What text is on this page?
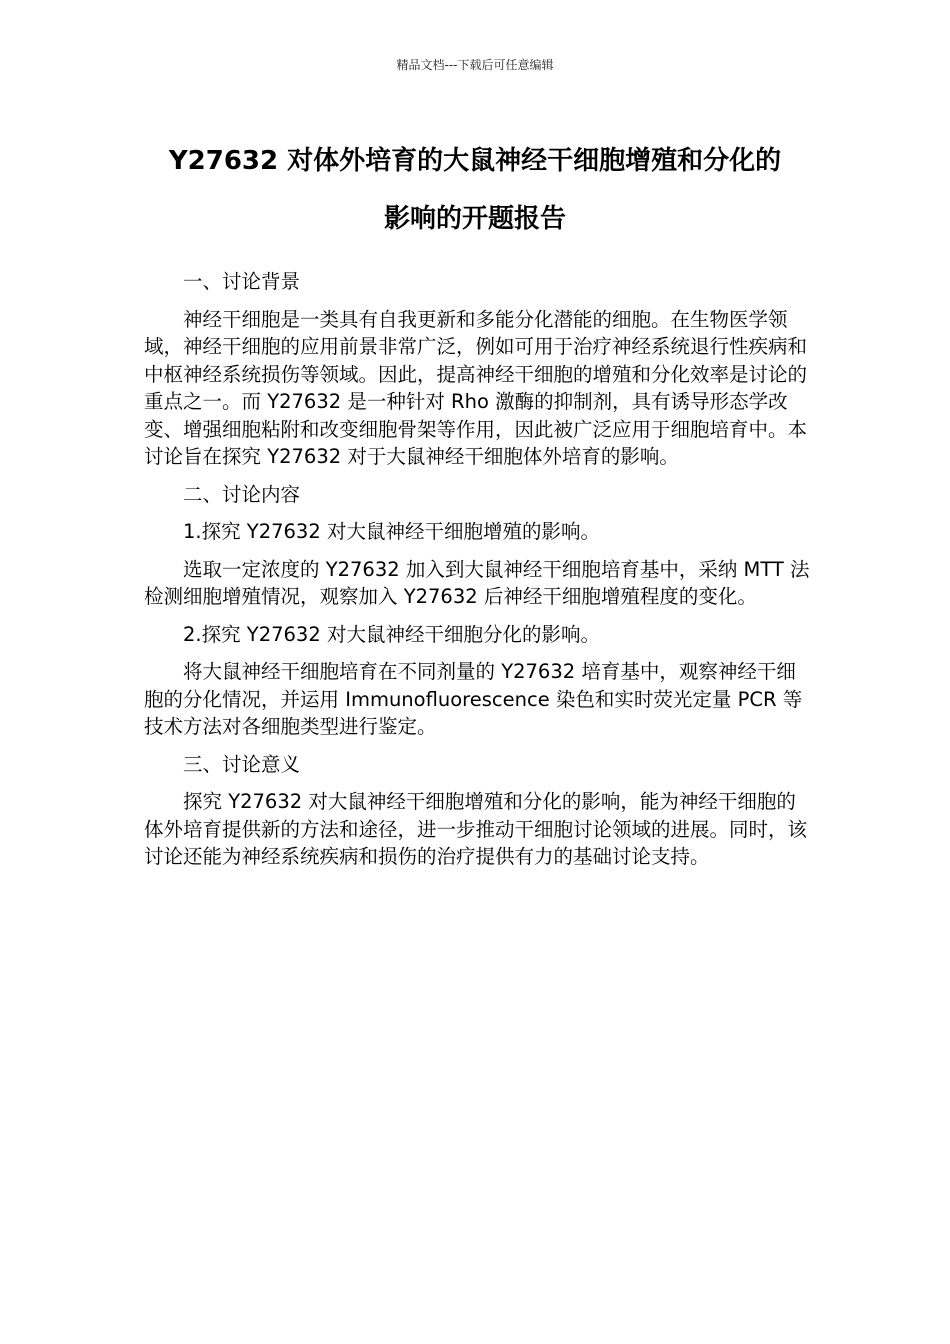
精品文档---下载后可任意编辑
Y27632 对体外培育的大鼠神经干细胞增殖和分化的
影响的开题报告

一、讨论背景

神经干细胞是一类具有自我更新和多能分化潜能的细胞。在生物医学领域，神经干细胞的应用前景非常广泛，例如可用于治疗神经系统退行性疾病和中枢神经系统损伤等领域。因此，提高神经干细胞的增殖和分化效率是讨论的重点之一。而 Y27632 是一种针对 Rho 激酶的抑制剂，具有诱导形态学改变、增强细胞粘附和改变细胞骨架等作用，因此被广泛应用于细胞培育中。本讨论旨在探究 Y27632 对于大鼠神经干细胞体外培育的影响。

二、讨论内容

1.探究 Y27632 对大鼠神经干细胞增殖的影响。

选取一定浓度的 Y27632 加入到大鼠神经干细胞培育基中，采纳 MTT 法检测细胞增殖情况，观察加入 Y27632 后神经干细胞增殖程度的变化。

2.探究 Y27632 对大鼠神经干细胞分化的影响。

将大鼠神经干细胞培育在不同剂量的 Y27632 培育基中，观察神经干细胞的分化情况，并运用 Immunofluorescence 染色和实时荧光定量 PCR 等技术方法对各细胞类型进行鉴定。

三、讨论意义

探究 Y27632 对大鼠神经干细胞增殖和分化的影响，能为神经干细胞的体外培育提供新的方法和途径，进一步推动干细胞讨论领域的进展。同时，该讨论还能为神经系统疾病和损伤的治疗提供有力的基础讨论支持。
